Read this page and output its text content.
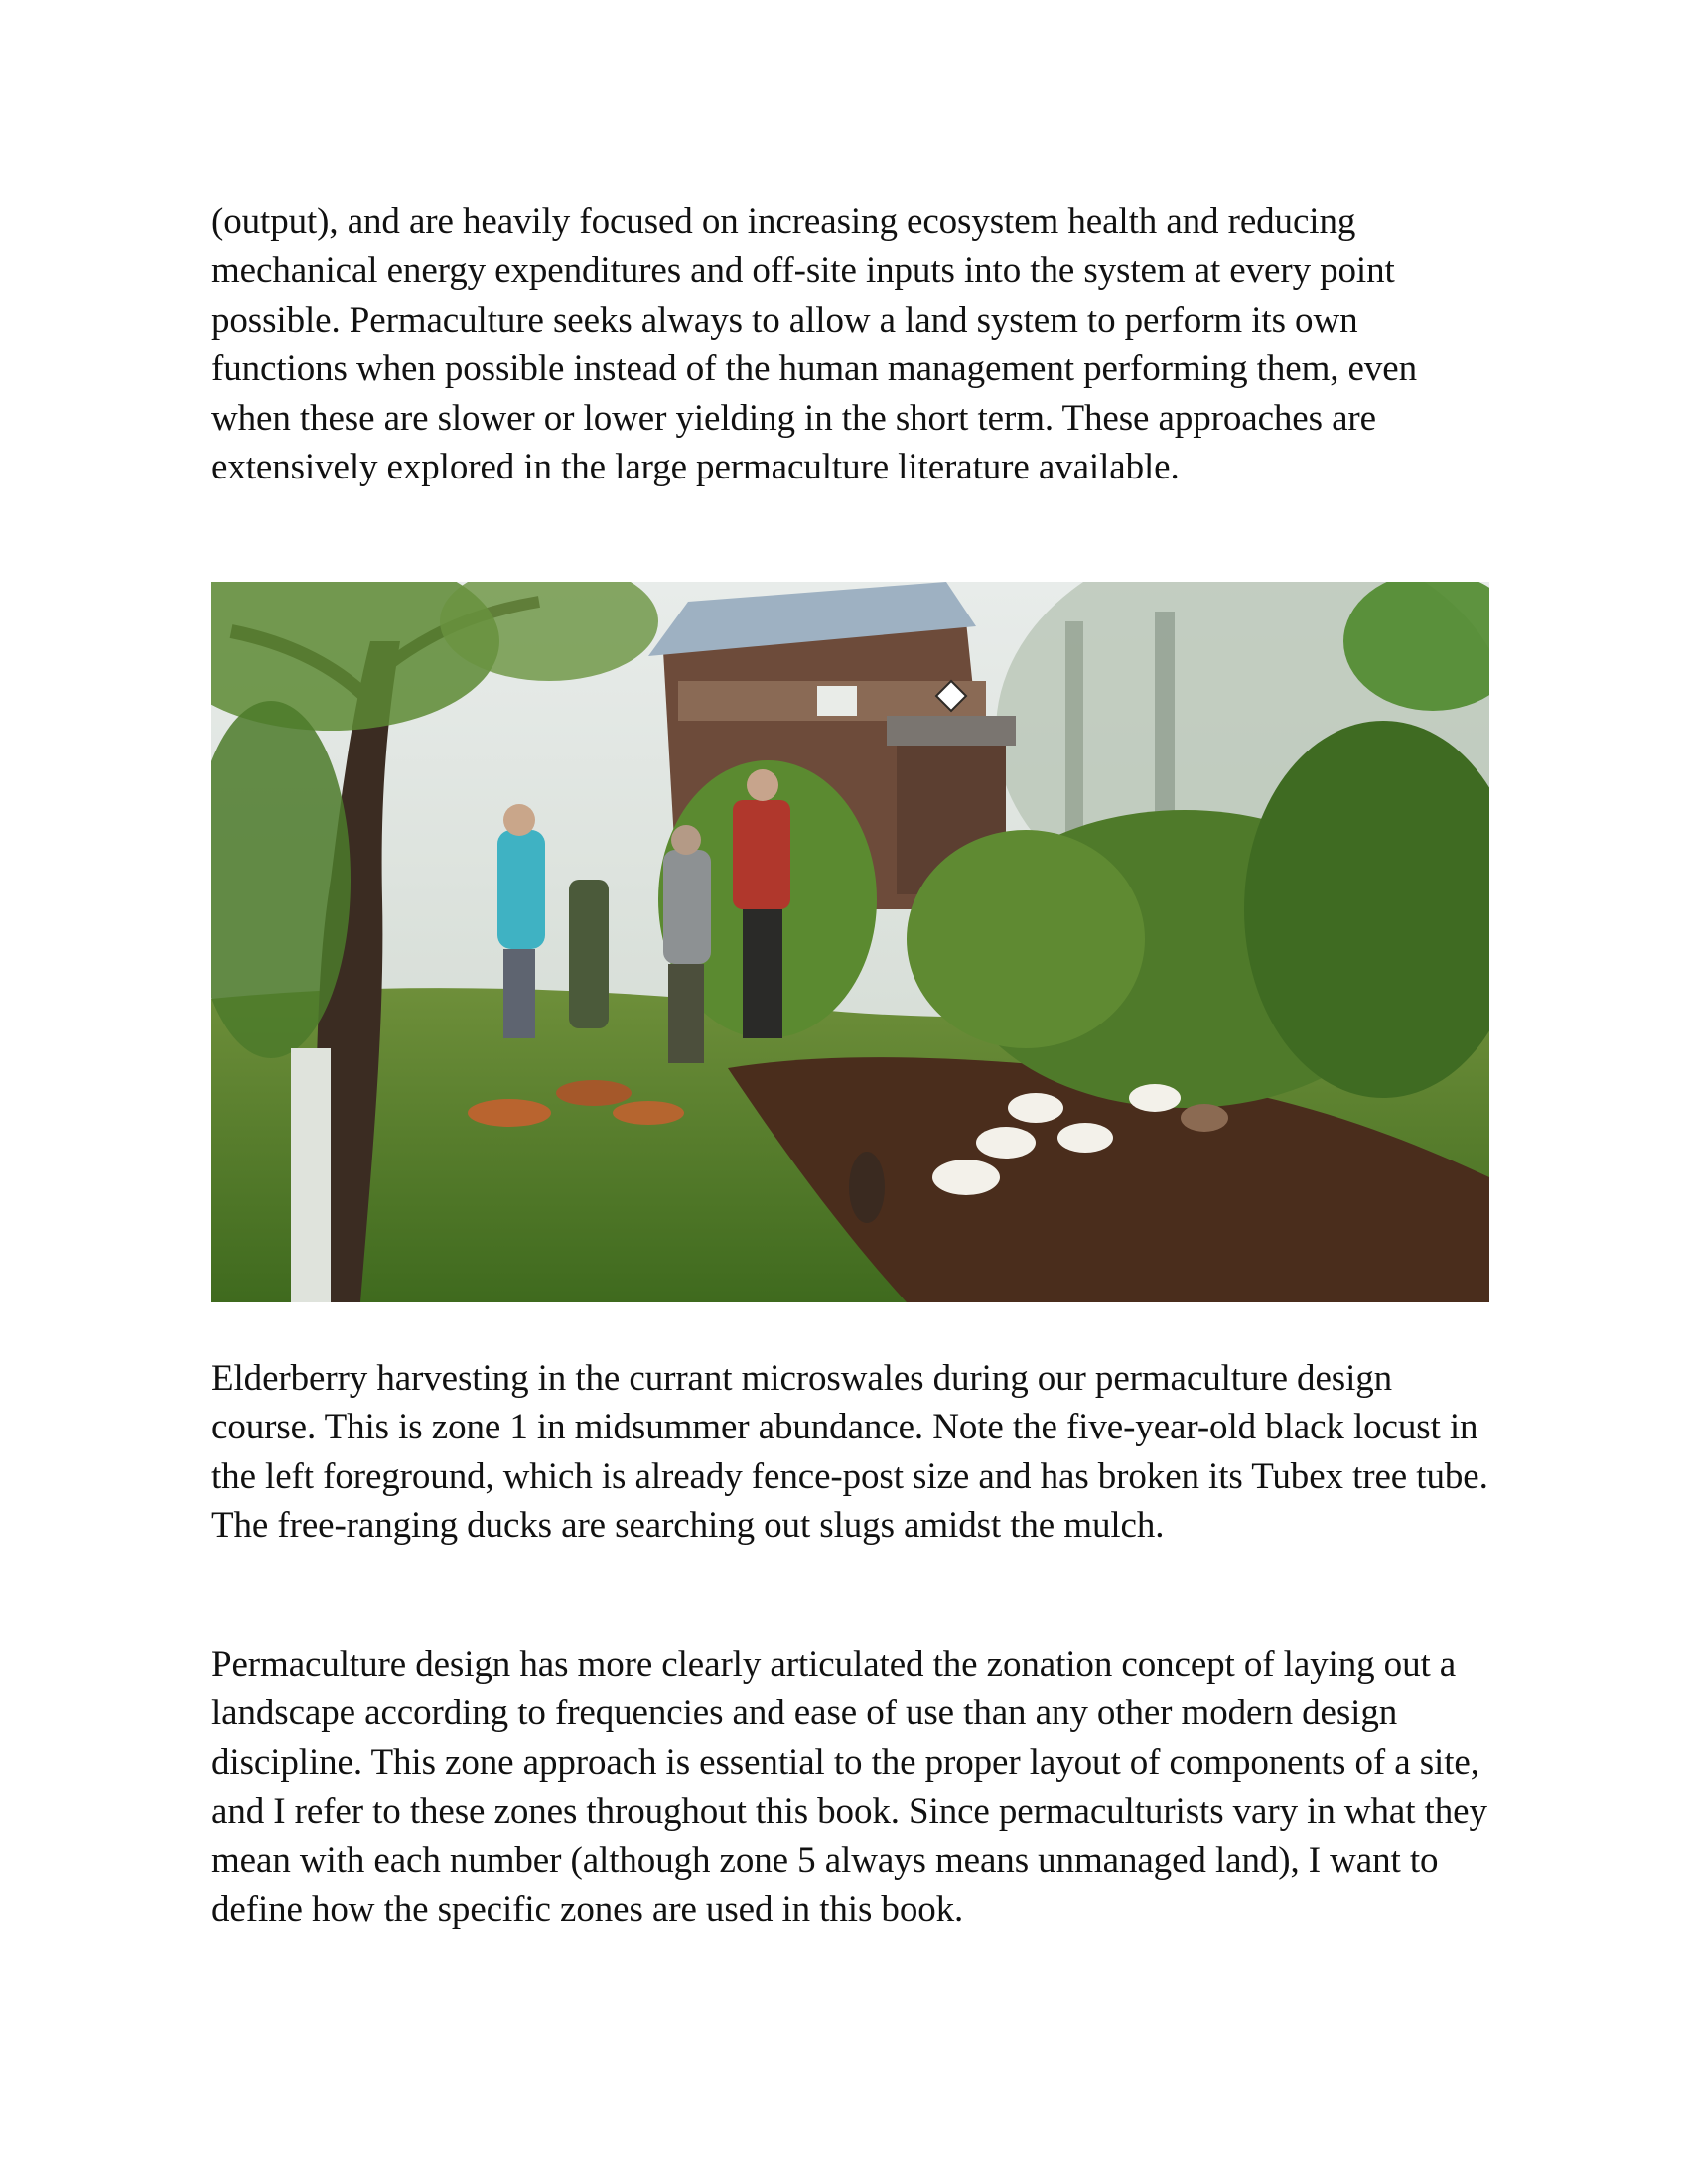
(output), and are heavily focused on increasing ecosystem health and reducing mechanical energy expenditures and off-site inputs into the system at every point possible. Permaculture seeks always to allow a land system to perform its own functions when possible instead of the human management performing them, even when these are slower or lower yielding in the short term. These approaches are extensively explored in the large permaculture literature available.

Elderberry harvesting in the currant microswales during our permaculture design course. This is zone 1 in midsummer abundance. Note the five-year-old black locust in the left foreground, which is already fence-post size and has broken its Tubex tree tube. The free-ranging ducks are searching out slugs amidst the mulch.

Permaculture design has more clearly articulated the zonation concept of laying out a landscape according to frequencies and ease of use than any other modern design discipline. This zone approach is essential to the proper layout of components of a site, and I refer to these zones throughout this book. Since permaculturists vary in what they mean with each number (although zone 5 always means unmanaged land), I want to define how the specific zones are used in this book.
